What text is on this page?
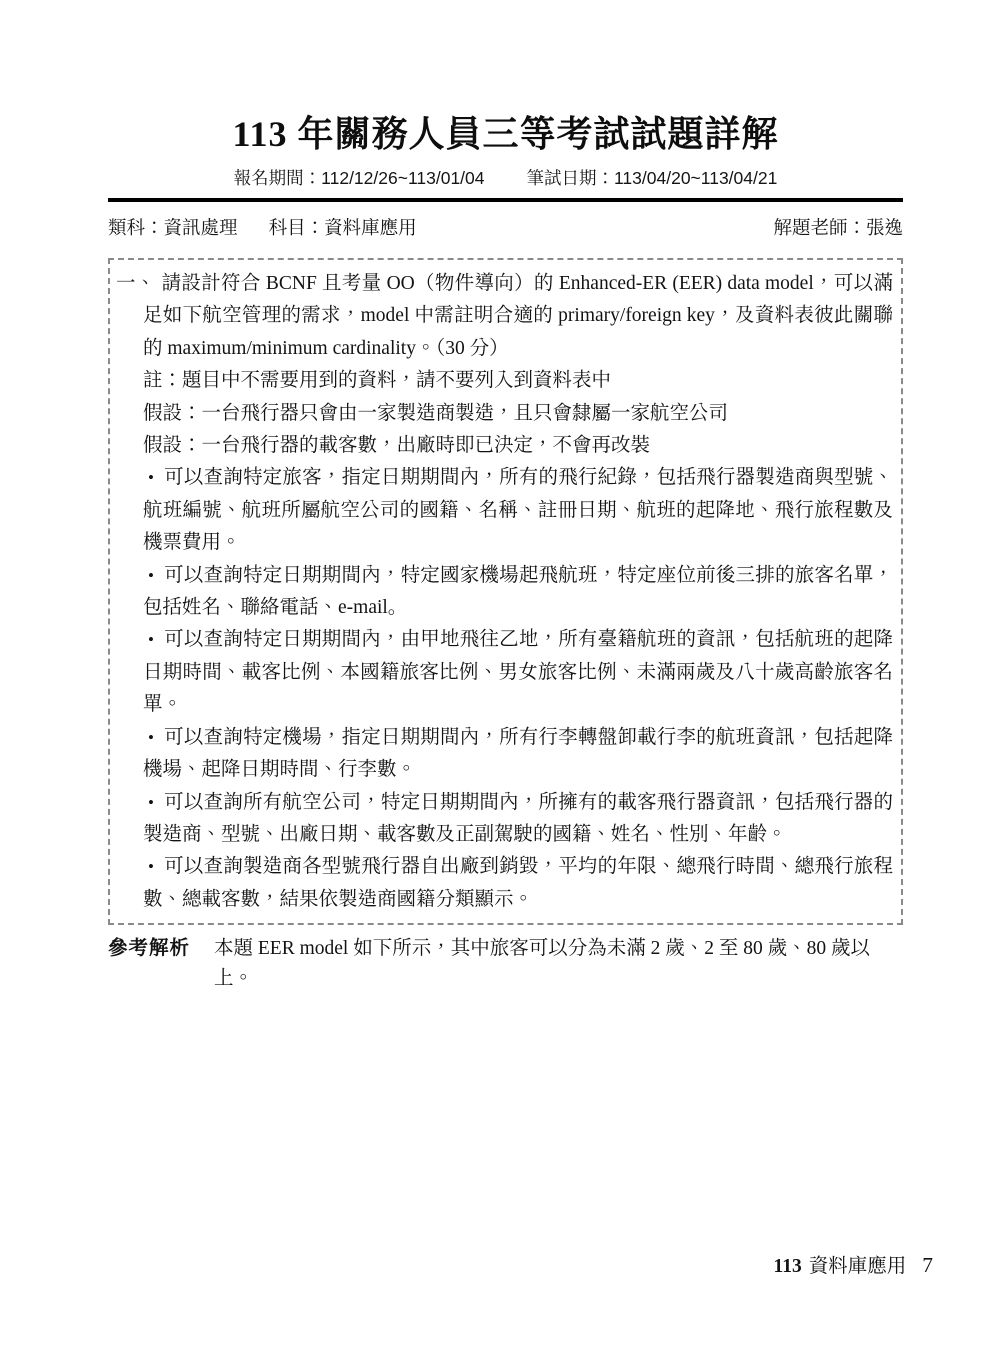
113 年關務人員三等考試試題詳解
報名期間：112/12/26~113/01/04 筆試日期：113/04/20~113/04/21
類科：資訊處理 科目：資料庫應用	解題老師：張逸
一、 請設計符合 BCNF 且考量 OO（物件導向）的 Enhanced-ER (EER) data model，可以滿足如下航空管理的需求，model 中需註明合適的 primary/foreign key，及資料表彼此關聯的 maximum/minimum cardinality。（30 分）
註：題目中不需要用到的資料，請不要列入到資料表中
假設：一台飛行器只會由一家製造商製造，且只會隸屬一家航空公司
假設：一台飛行器的載客數，出廠時即已決定，不會再改裝
• 可以查詢特定旅客，指定日期期間內，所有的飛行紀錄，包括飛行器製造商與型號、航班編號、航班所屬航空公司的國籍、名稱、註冊日期、航班的起降地、飛行旅程數及機票費用。
• 可以查詢特定日期期間內，特定國家機場起飛航班，特定座位前後三排的旅客名單，包括姓名、聯絡電話、e-mail。
• 可以查詢特定日期期間內，由甲地飛往乙地，所有臺籍航班的資訊，包括航班的起降日期時間、載客比例、本國籍旅客比例、男女旅客比例、未滿兩歲及八十歲高齡旅客名單。
• 可以查詢特定機場，指定日期期間內，所有行李轉盤卸載行李的航班資訊，包括起降機場、起降日期時間、行李數。
• 可以查詢所有航空公司，特定日期期間內，所擁有的載客飛行器資訊，包括飛行器的製造商、型號、出廠日期、載客數及正副駕駛的國籍、姓名、性別、年齡。
• 可以查詢製造商各型號飛行器自出廠到銷毀，平均的年限、總飛行時間、總飛行旅程數、總載客數，結果依製造商國籍分類顯示。
參考解析 本題 EER model 如下所示，其中旅客可以分為未滿 2 歲、2 至 80 歲、80 歲以上。
113 資料庫應用 7
